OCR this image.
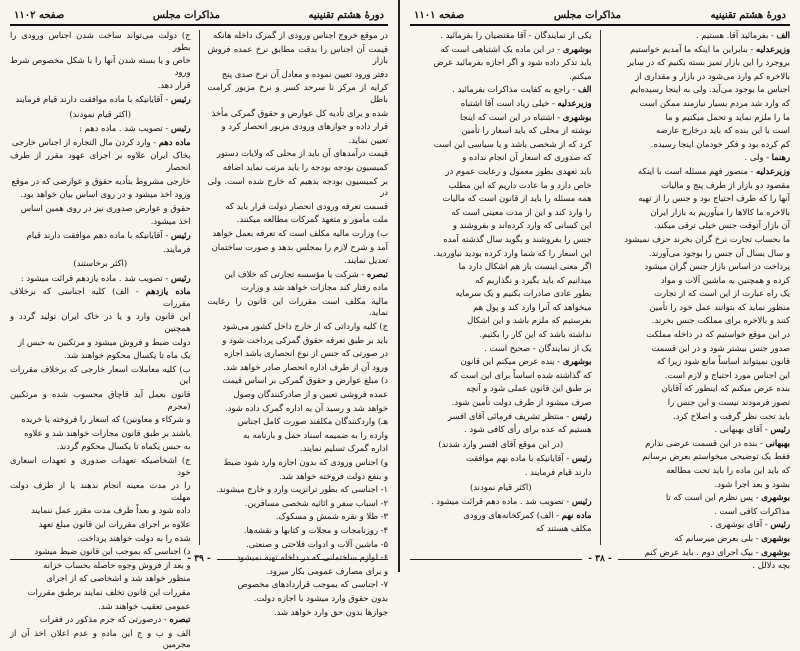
دورهٔ هشتم تقنینیه
مذاکرات مجلس
صفحه ۱۱۰۲

در موقع خروج اجناس ورودی از گمرک داخله هانکه

قیمت آن اجناس را بدقت مطابق نرخ عمده فروش بازار

دفتر ورود تعیین نموده و معادل آن نرخ صدی پنج

کرایه از مرکز تا سرحد کسر و نرخ مزبور کرامت باطل

شده و برای تأدیه کل عوارض و حقوق گمرکی مأخذ

قرار داده و جوازهای ورودی مزبور انحصار کرد و

تعیین نماید.

قیمت درآمدهای آن باید از محلی که ولایات دستور

کمیسیون بودجه بودجه را باید مرتب نماید اضافه

بر کمیسیون بودجه بدهیم که خارج شده است. ولی در

قسمت تعرفه ورودی انحصار دولت قرار باید که

ملت مأمور و متعهد گمرکات مطالعه میکنند.

ب) وزارت مالیه مکلف است که تعرفه بعمل خواهد

آمد و شرح لازم را بمجلس بدهد و صورت ساختمان

تعدیل نمایند.

تبصره - شرکت یا مؤسسه تجارتی که خلاف این

ماده رفتار کند مجازات خواهد شد و وزارت

مالیه مکلف است مقررات این قانون را رعایت نماید.

ج) کلیه وارداتی که از خارج داخل کشور می‌شود

باید بر طبق تعرفه حقوق گمرکی پرداخت شود و

در صورتی که جنس از نوع انحصاری باشد اجازه

ورود آن از طرف اداره انحصار صادر خواهد شد.

د) مبلغ عوارض و حقوق گمرکی بر اساس قیمت

عمده فروشی تعیین و از صادرکنندگان وصول

خواهد شد و رسید آن به اداره گمرک داده شود.

هـ) واردکنندگان مکلفند صورت کامل اجناس

وارده را به ضمیمه اسناد حمل و بارنامه به

اداره گمرک تسلیم نمایند.

و) اجناس ورودی که بدون اجازه وارد شود ضبط

و بنفع دولت فروخته خواهد شد.

۱- اجناسی که بطور ترانزیت وارد و خارج میشوند.

۲- اسباب سفر و اثاثیه شخصی مسافرین.

۳- طلا و نقره شمش و مسکوک.

۴- روزنامجات و مجلات و کتابها و نقشه‌ها.

۵- ماشین آلات و ادوات فلاحتی و صنعتی.

۶- لوازم ساختمانی که در داخله تهیه نمیشود

و برای مصارف عمومی بکار میرود.

۷- اجناسی که بموجب قراردادهای مخصوص

بدون حقوق وارد میشود با اجازه دولت.

جوازها بدون حق وارد خواهد شد.

ج) دولت می‌تواند ساخت شدن اجناس ورودی را بطور

خاص و یا بسته شدن آنها را با شکل مخصوص شرط ورود

قرار دهد.

رئیس - آقایانیکه با ماده موافقت دارند قیام فرمایند

(اکثر قیام نمودند)

رئیس - تصویب شد . ماده دهم :

ماده دهم - وارد کردن مال التجاره از اجناس خارجی

بخاک ایران علاوه بر اجرای عهود مقرر از طرف انحصار

خارجی مشروط بتأدیه حقوق و عوارضی که در موقع

ورود اخذ میشود و در روی اساس بیان خواهد بود.

حقوق و عوارض صدوری نیز در روی همین اساس

اخذ میشود.

رئیس - آقایانیکه با ماده دهم موافقت دارند قیام

فرمایند.

(اکثر برخاستند)

رئیس - تصویب شد . ماده یازدهم قرائت میشود :

ماده یازدهم - الف) کلیه اجناسی که برخلاف مقررات

این قانون وارد و یا در خاک ایران تولید گردد و همچنین

دولت ضبط و فروش میشود و مرتکبین به حبس از

یک ماه تا یکسال محکوم خواهند شد.

ب) کلیه معاملات اسعار خارجی که برخلاف مقررات این

قانون بعمل آید قاچاق محسوب شده و مرتکبین (مجرم

و شرکاء و معاونین) که اسعار را فروخته یا خریده

باشند بر طبق قانون مجازات خواهند شد و علاوه

به حبس یکماه تا یکسال محکوم گردند.

ج) اشخاصیکه تعهدات صدوری و تعهدات اسعاری خود

را در مدت معینه انجام ندهند یا از طرف دولت مهلت

داده شود و بعداً ظرف مدت مقرر عمل ننمایند

علاوه بر اجرای مقررات این قانون مبلغ تعهد

شده را به دولت خواهند پرداخت.

د) اجناسی که بموجب این قانون ضبط میشود

و بعد از فروش وجوه حاصله بحساب خزانه

منظور خواهد شد و اشخاصی که از اجرای

مقررات این قانون تخلف نمایند برطبق مقررات

عمومی تعقیب خواهند شد.

تبصره - درصورتی که جرم مذکور در فقرات

الف و ب و ج این ماده و عدم اعلان اخذ آن از مجرمین

- ۳۹ -
دورهٔ هشتم تقنینیه
مذاکرات مجلس
صفحه ۱۱۰۱

الف - بفرمائید آقا. هستیم .

وزیرعدلیه - بنابراین ما اینکه ما آمدیم خواستیم

بروجرد را این بازار تمیز بسته بکنیم که در سایر

بالاخره کم وارد می‌شود در بازار و مقداری از

اجناس ما بوجود می‌آید. ولی به اینجا رسیده‌ایم

که وارد شد مردم بسیار نیازمند ممکن است

ما را ملزم نماید و تحمل میکنیم و ما

است یا این بنده که باید درخارج عارضه

کم کرده بود و فکر خودمان اینجا رسیده.

رهنما - ولی .

وزیرعدلیه - منصور فهم مسئله است با اینکه

مقصود دو بازار از طرف پنج و مالیات

آنها را که طرف احتیاج بود و جنس را از تهیه

بالاخره ما کالاها را میآوریم به بازار ایران

آن بازار آنوقت جنس خیلی ترقی میکند.

ما بحساب تجارت نرخ گران بخرند حرف نمیشود

و سال بسال آن جنس را بوجود می‌آورند.

پرداخت در اساس بازار جنس گران میشود

کرده و همچنین به ماشین آلات و مواد

یک راه عبارت از این است که از تجارت

منظور نماید که بتوانند عمل خود را تأمین

کنند و بالاخره برای مملکت جنس بخرند.

در این موقع خواستیم که در داخله مملکت

صدور جنس بیشتر شود و در این قسمت

قانون نمیتواند اساساً مانع شود زیرا که

این اجناس مورد احتیاج و لازم است.

بنده عرض میکنم که اینطور که آقایان

تصور فرمودند نیست و این جنس را

باید تحت نظر گرفت و اصلاح کرد.

رئیس - آقای بهبهانی .

بهبهانی - بنده در این قسمت عرضی ندارم

فقط یک توضیحی میخواستم بعرض برسانم

که باید این ماده را باید تحت مطالعه

بشود و بعد اجرا شود.

بوشهری - پس نظرم این است که تا

مذاکرات کافی است .

رئیس - آقای بوشهری .

بوشهری - بلی بعرض میرسانم که

بوشهری - بیک اجرای دوم . باید عرض کنم

بچه دلالل .

یکی از نمایندگان - آقا مقتضیان را بفرمائید .

بوشهری - در این ماده یک اشتباهی است که

باید تذکر داده شود و اگر اجازه بفرمائید عرض

میکنم.

الف - راجع به کفایت مذاکرات بفرمائید .

وزیرعدلیه - خیلی زیاد است آقا اشتباه

بوشهری - اشتباه در این است که اینجا

نوشته از محلی که باید اسعار را تأمین

کرد که از شخصی باشد و یا سیاسی این است

که صدوری که اسعار آن انجام نداده و

باید تعهدی بطور معمول و رعایت عموم در

خاص دارد و ما عادت داریم که این مطلب

همه مسئله را باید از قانون است که مالیات

را وارد کند و این از مدت معینی است که

این کسانی که وارد کرده‌اند و بفروشند و

جنس را بفروشند و بگوید سال گذشته آمده

این اسعار را که شما وارد کرده بودید نیاوردید.

اگر معنی اینست باز هم اشکال دارد ما

میدانیم که باید بگیرد و نگذاریم که

بطور عادی صادرات بکنیم و یک سرمایه

میخواهد که آنرا وارد کند و پول هم

بفرستیم که ملزم باشد و این اشکال

نداشته باشد که این کار را بکنیم.

یک از نمایندگان - صحیح است .

بوشهری - بنده عرض میکنم این قانون

که گذاشته شده اساساً برای این است که

بر طبق این قانون عملی شود و آنچه

صرف میشود از طرف دولت تأمین شود.

رئیس - منتظر تشریف فرمائی آقای افسر

هستیم که عده برای رأی کافی شود .

(در این موقع آقای افسر وارد شدند)

رئیس - آقایانیکه با ماده نهم موافقت

دارند قیام فرمایند .

(اکثر قیام نمودند)

رئیس - تصویب شد . ماده دهم قرائت میشود .

ماده نهم - الف) کمرکخانه‌های ورودی

مکلف هستند که

- ۳۸ -
